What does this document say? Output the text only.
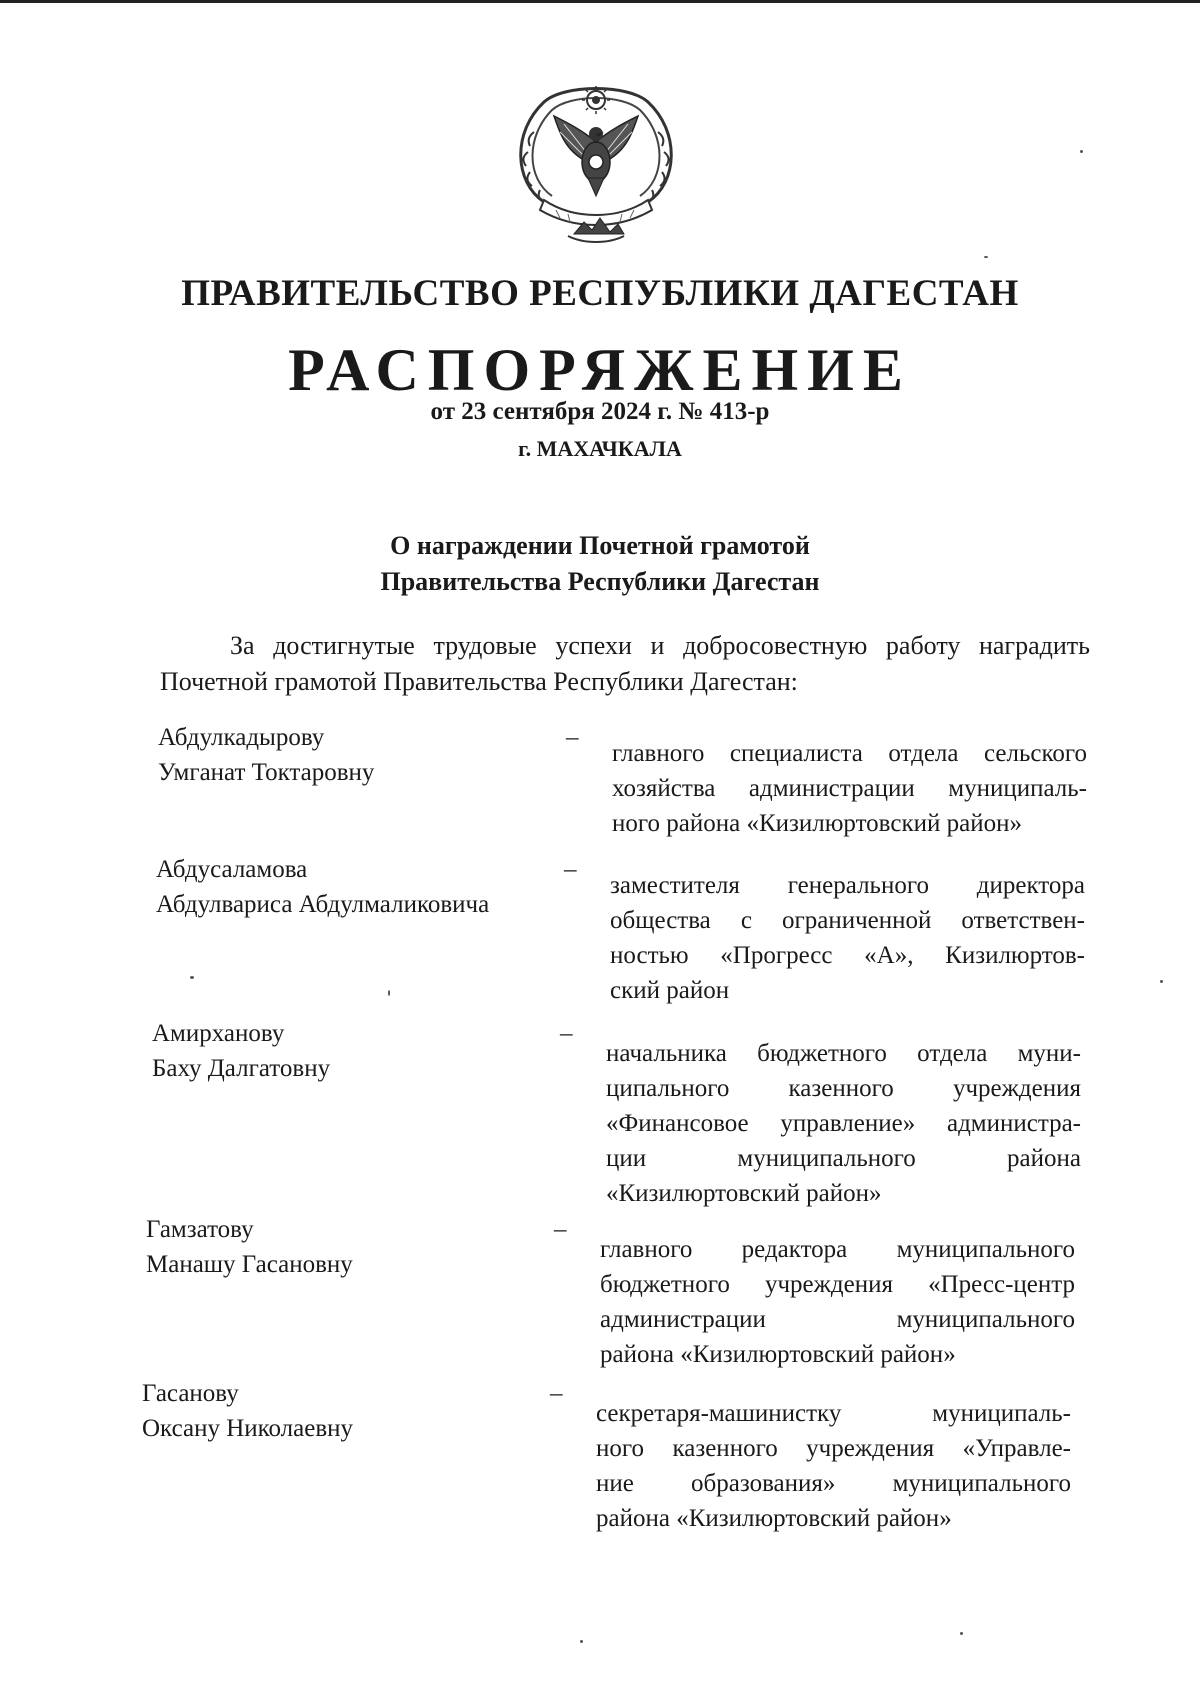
ПРАВИТЕЛЬСТВО РЕСПУБЛИКИ ДАГЕСТАН
РАСПОРЯЖЕНИЕ
от 23 сентября 2024 г. № 413-р
г. МАХАЧКАЛА
О награждении Почетной грамотой
Правительства Республики Дагестан
За достигнутые трудовые успехи и добросовестную работу наградить Почетной грамотой Правительства Республики Дагестан:
Абдулкадырову
Умганат Токтаровну
–
главного специалиста отдела сельского
хозяйства администрации муниципаль-
ного района «Кизилюртовский район»
Абдусаламова
Абдулвариса Абдулмаликовича
–
заместителя генерального директора
общества с ограниченной ответствен-
ностью «Прогресс «А», Кизилюртов-
ский район
Амирханову
Баху Далгатовну
–
начальника бюджетного отдела муни-
ципального казенного учреждения
«Финансовое управление» администра-
ции муниципального района
«Кизилюртовский район»
Гамзатову
Манашу Гасановну
–
главного редактора муниципального
бюджетного учреждения «Пресс-центр
администрации муниципального
района «Кизилюртовский район»
Гасанову
Оксану Николаевну
–
секретаря-машинистку муниципаль-
ного казенного учреждения «Управле-
ние образования» муниципального
района «Кизилюртовский район»
